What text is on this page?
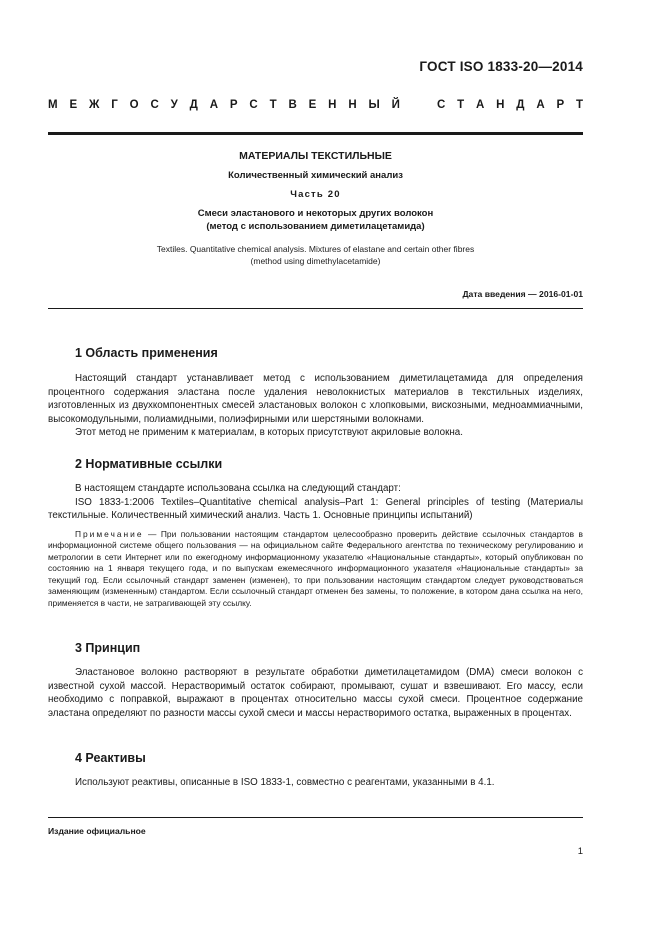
ГОСТ ISO 1833-20—2014
М Е Ж Г О С У Д А Р С Т В Е Н Н Ы Й	С Т А Н Д А Р Т
МАТЕРИАЛЫ ТЕКСТИЛЬНЫЕ
Количественный химический анализ
Часть 20
Смеси эластанового и некоторых других волокон
(метод с использованием диметилацетамида)
Textiles. Quantitative chemical analysis. Mixtures of elastane and certain other fibres
(method using dimethylacetamide)
Дата введения — 2016-01-01
1 Область применения

Настоящий стандарт устанавливает метод с использованием диметилацетамида для определения процентного содержания эластана после удаления неволокнистых материалов в текстильных изделиях, изготовленных из двухкомпонентных смесей эластановых волокон с хлопковыми, вискозными, медноаммиачными, высокомодульными, полиамидными, полиэфирными или шерстяными волокнами.

Этот метод не применим к материалам, в которых присутствуют акриловые волокна.

2 Нормативные ссылки

В настоящем стандарте использована ссылка на следующий стандарт:

ISO 1833-1:2006 Textiles–Quantitative chemical analysis–Part 1: General principles of testing (Материалы текстильные. Количественный химический анализ. Часть 1. Основные принципы испытаний)

Примечание — При пользовании настоящим стандартом целесообразно проверить действие ссылочных стандартов в информационной системе общего пользования — на официальном сайте Федерального агентства по техническому регулированию и метрологии в сети Интернет или по ежегодному информационному указателю «Национальные стандарты», который опубликован по состоянию на 1 января текущего года, и по выпускам ежемесячного информационного указателя «Национальные стандарты» за текущий год. Если ссылочный стандарт заменен (изменен), то при пользовании настоящим стандартом следует руководствоваться заменяющим (измененным) стандартом. Если ссылочный стандарт отменен без замены, то положение, в котором дана ссылка на него, применяется в части, не затрагивающей эту ссылку.

3 Принцип

Эластановое волокно растворяют в результате обработки диметилацетамидом (DMA) смеси волокон с известной сухой массой. Нерастворимый остаток собирают, промывают, сушат и взвешивают. Его массу, если необходимо с поправкой, выражают в процентах относительно массы сухой смеси. Процентное содержание эластана определяют по разности массы сухой смеси и массы нерастворимого остатка, выраженных в процентах.

4 Реактивы

Используют реактивы, описанные в ISO 1833-1, совместно с реагентами, указанными в 4.1.

Издание официальное
1
